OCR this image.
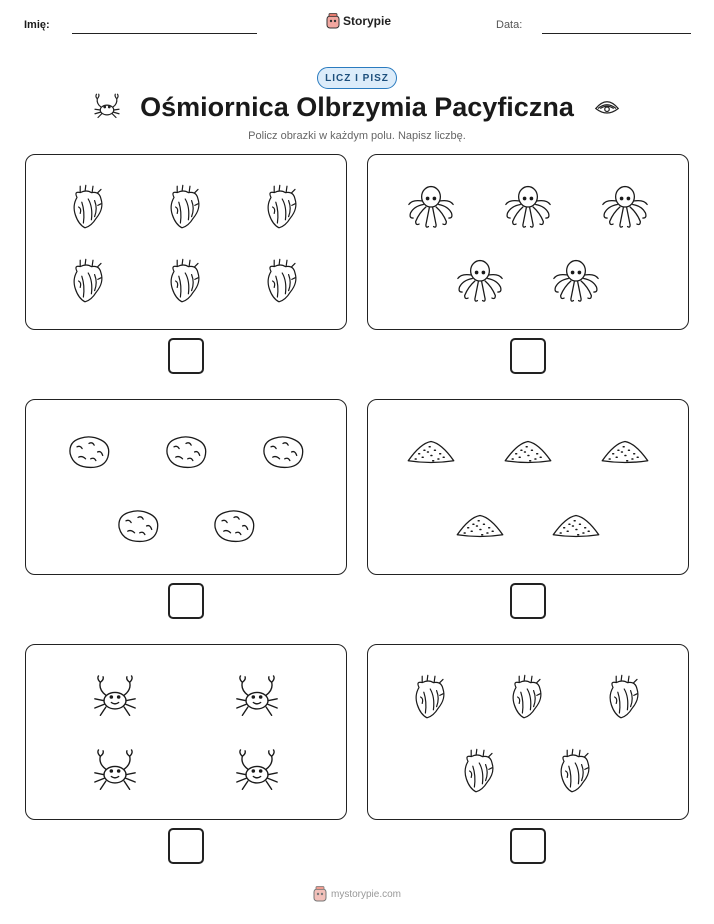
Imię:	Storypie	Data:
LICZ I PISZ
Ośmiornica Olbrzymia Pacyficzna
Policz obrazki w każdym polu. Napisz liczbę.
mystorypie.com
